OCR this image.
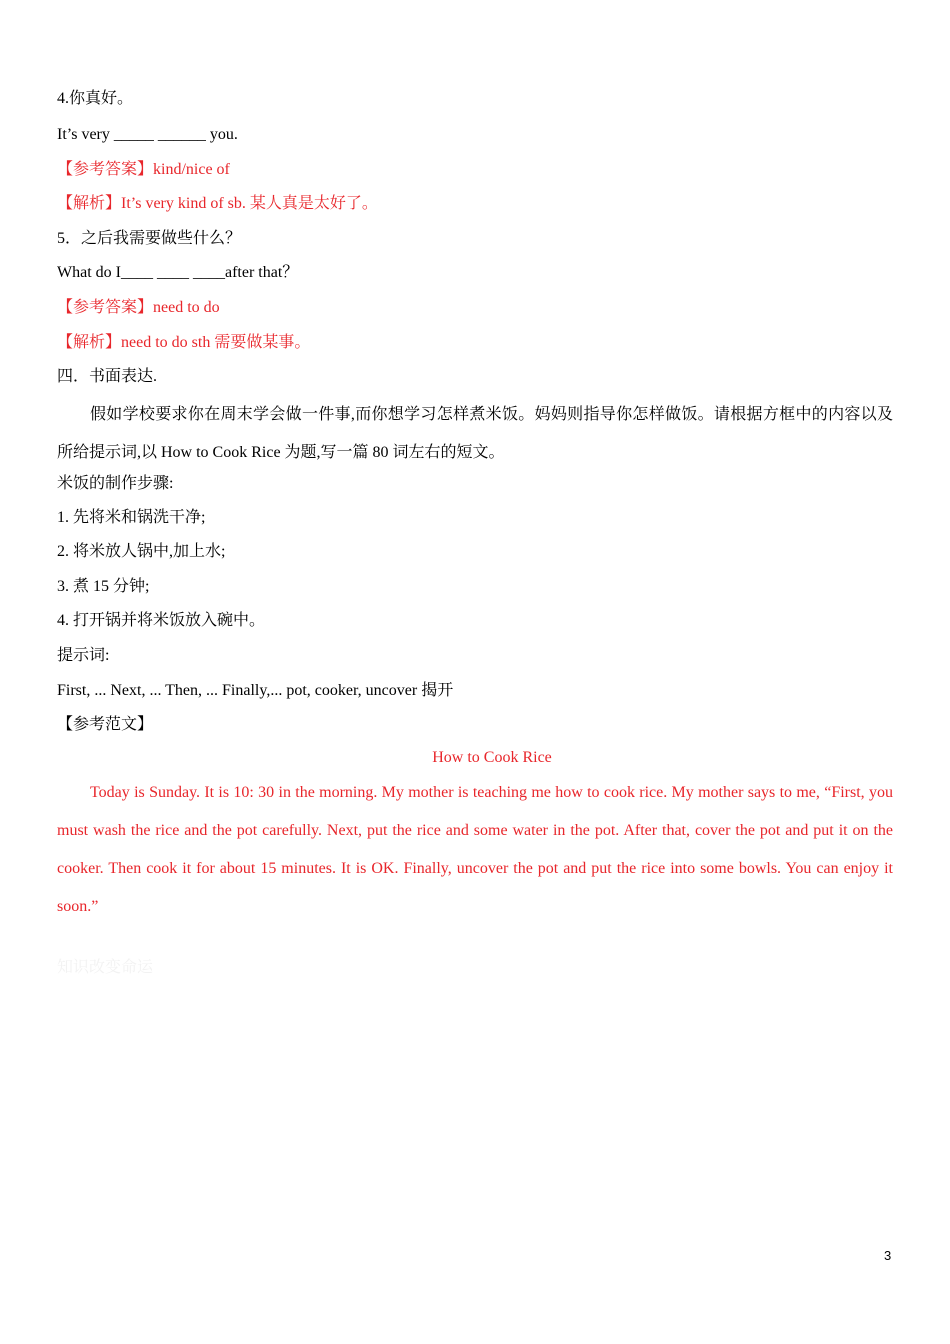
4.你真好。
It’s very _____ ______ you.
【参考答案】kind/nice of
【解析】It’s very kind of sb. 某人真是太好了。
5．之后我需要做些什么？
What do I____ ____ ____after that？
【参考答案】need to do
【解析】need to do sth 需要做某事。
四．书面表达.
假如学校要求你在周末学会做一件事,而你想学习怎样煮米饭。妈妈则指导你怎样做饭。请根据方框中的内容以及所给提示词,以 How to Cook Rice 为题,写一篇 80 词左右的短文。
米饭的制作步骤:
1. 先将米和锅洗干净;
2. 将米放人锅中,加上水;
3. 煮 15 分钟;
4. 打开锅并将米饭放入碗中。
提示词:
First, ... Next, ... Then, ... Finally,... pot, cooker, uncover 揭开
【参考范文】
How to Cook Rice
Today is Sunday. It is 10: 30 in the morning. My mother is teaching me how to cook rice. My mother says to me, “First, you must wash the rice and the pot carefully. Next, put the rice and some water in the pot. After that, cover the pot and put it on the cooker. Then cook it for about 15 minutes. It is OK. Finally, uncover the pot and put the rice into some bowls. You can enjoy it soon.”
知识改变命运
3
